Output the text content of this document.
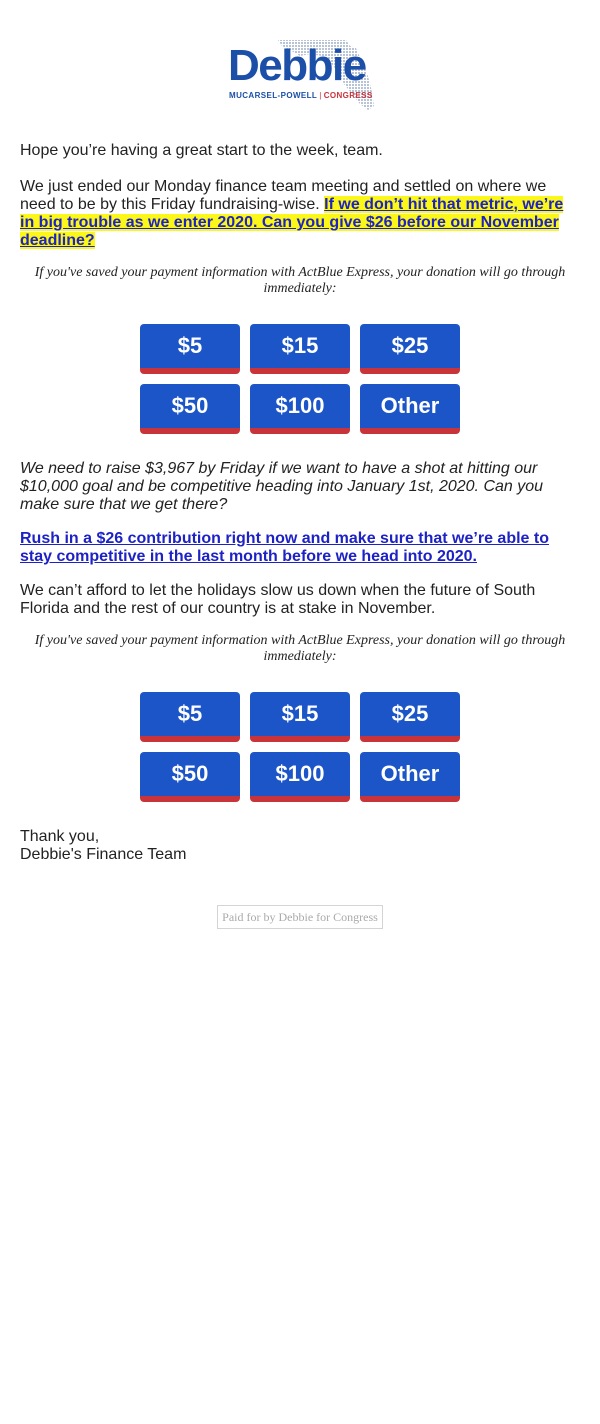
Debbie
MUCARSEL-POWELL | CONGRESS
Hope you’re having a great start to the week, team.
We just ended our Monday finance team meeting and settled on where we need to be by this Friday fundraising-wise. If we don’t hit that metric, we’re in big trouble as we enter 2020. Can you give $26 before our November deadline?
If you've saved your payment information with ActBlue Express, your donation will go through immediately:
$5	$15	$25
$50	$100	Other
We need to raise $3,967 by Friday if we want to have a shot at hitting our $10,000 goal and be competitive heading into January 1st, 2020. Can you make sure that we get there?
Rush in a $26 contribution right now and make sure that we’re able to stay competitive in the last month before we head into 2020.
We can’t afford to let the holidays slow us down when the future of South Florida and the rest of our country is at stake in November.
If you've saved your payment information with ActBlue Express, your donation will go through immediately:
$5	$15	$25
$50	$100	Other
Thank you,
Debbie's Finance Team
Paid for by Debbie for Congress
